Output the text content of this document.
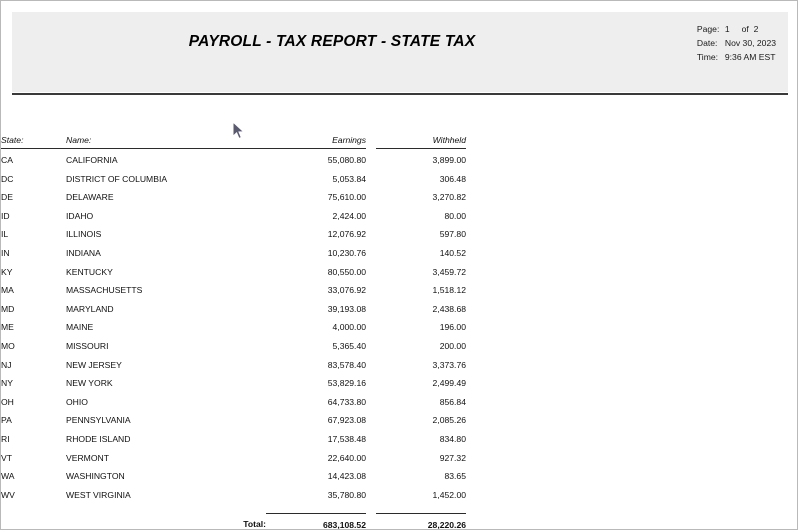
PAYROLL - TAX REPORT - STATE TAX
Page: 1 of 2
Date: Nov 30, 2023
Time: 9:36 AM EST
State:	Name:	Earnings		Withheld

CA	CALIFORNIA	55,080.80		3,899.00
DC	DISTRICT OF COLUMBIA	5,053.84		306.48
DE	DELAWARE	75,610.00		3,270.82
ID	IDAHO	2,424.00		80.00
IL	ILLINOIS	12,076.92		597.80
IN	INDIANA	10,230.76		140.52
KY	KENTUCKY	80,550.00		3,459.72
MA	MASSACHUSETTS	33,076.92		1,518.12
MD	MARYLAND	39,193.08		2,438.68
ME	MAINE	4,000.00		196.00
MO	MISSOURI	5,365.40		200.00
NJ	NEW JERSEY	83,578.40		3,373.76
NY	NEW YORK	53,829.16		2,499.49
OH	OHIO	64,733.80		856.84
PA	PENNSYLVANIA	67,923.08		2,085.26
RI	RHODE ISLAND	17,538.48		834.80
VT	VERMONT	22,640.00		927.32
WA	WASHINGTON	14,423.08		83.65
WV	WEST VIRGINIA	35,780.80		1,452.00

	Total:	683,108.52		28,220.26
